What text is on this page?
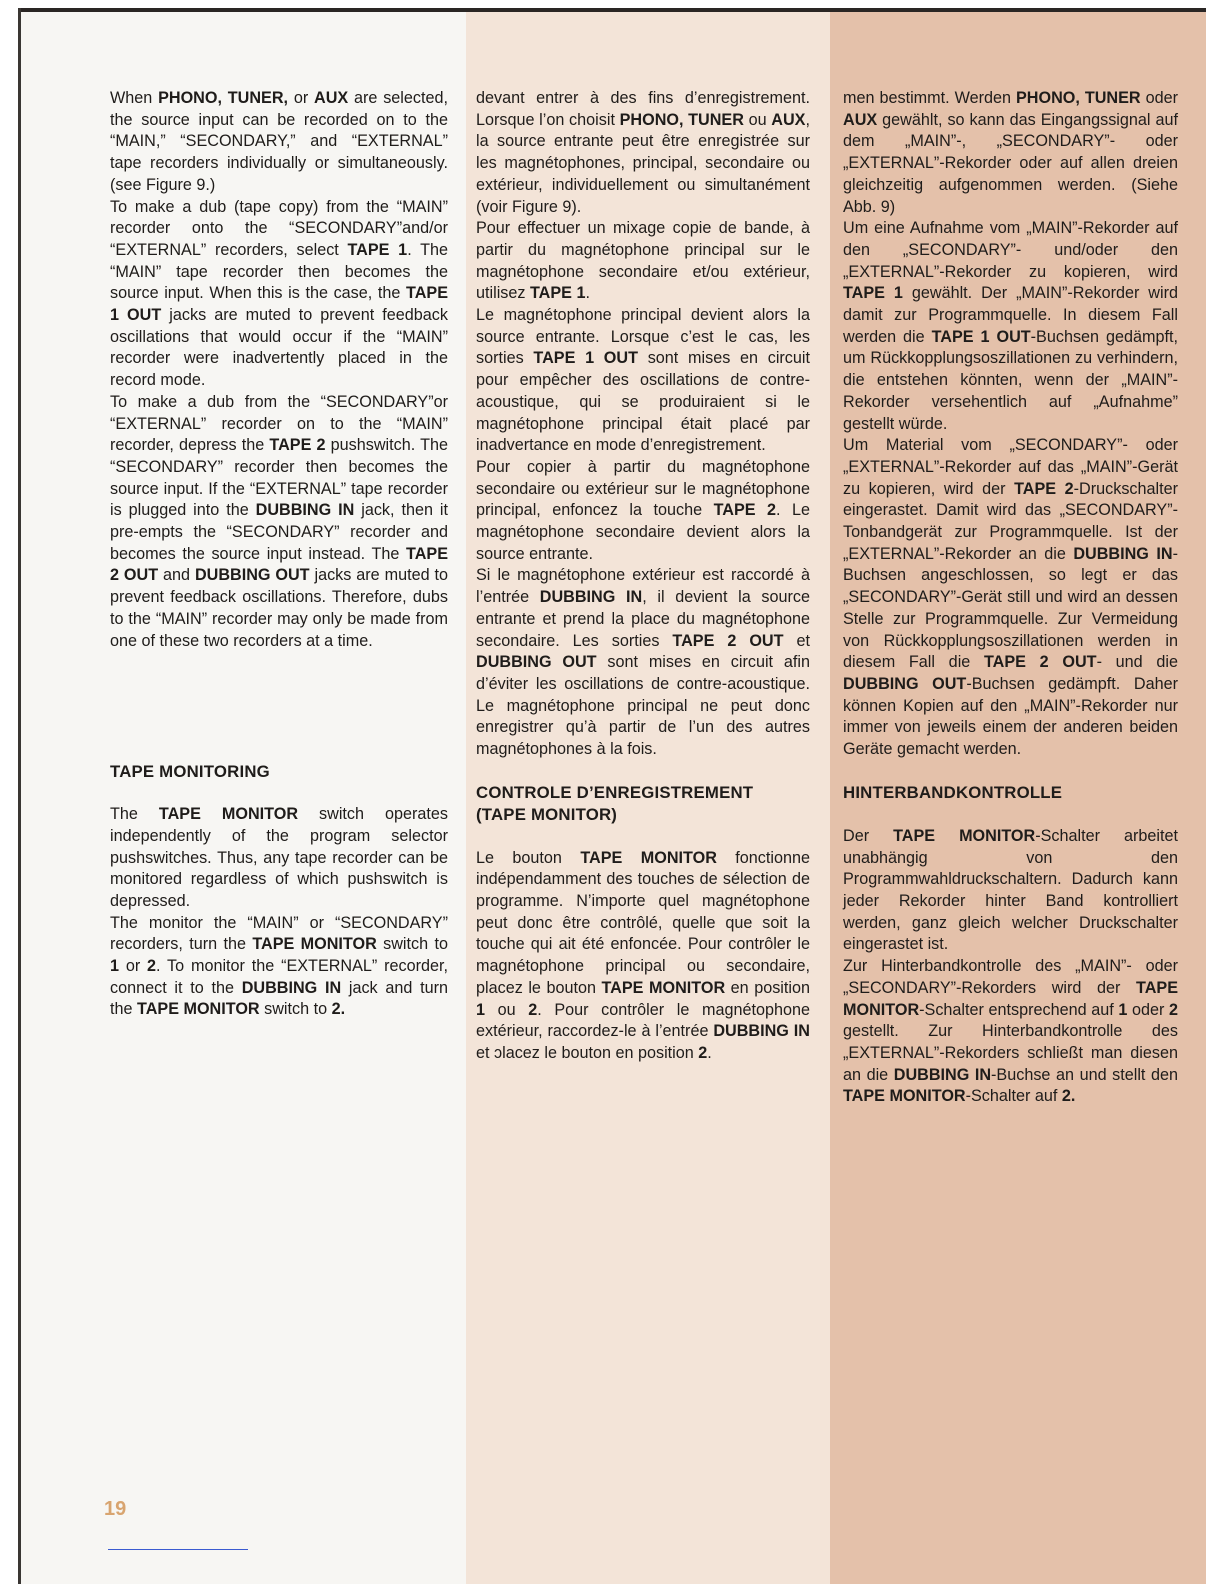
When PHONO, TUNER, or AUX are selected, the source input can be recorded on to the “MAIN,” “SECONDARY,” and “EXTERNAL” tape recorders individually or simultaneously. (see Figure 9.)

To make a dub (tape copy) from the “MAIN” recorder onto the “SECONDARY”and/or “EXTERNAL” recorders, select TAPE 1. The “MAIN” tape recorder then becomes the source input. When this is the case, the TAPE 1 OUT jacks are muted to prevent feedback oscillations that would occur if the “MAIN” recorder were inadvertently placed in the record mode.

To make a dub from the “SECONDARY”or “EXTERNAL” recorder on to the “MAIN” recorder, depress the TAPE 2 pushswitch. The “SECONDARY” recorder then becomes the source input. If the “EXTERNAL” tape recorder is plugged into the DUBBING IN jack, then it pre-empts the “SECONDARY” recorder and becomes the source input instead. The TAPE 2 OUT and DUBBING OUT jacks are muted to prevent feedback oscillations. Therefore, dubs to the “MAIN” recorder may only be made from one of these two recorders at a time.

TAPE MONITORING

The TAPE MONITOR switch operates independently of the program selector pushswitches. Thus, any tape recorder can be monitored regardless of which pushswitch is depressed.

The monitor the “MAIN” or “SECONDARY” recorders, turn the TAPE MONITOR switch to 1 or 2. To monitor the “EXTERNAL” recorder, connect it to the DUBBING IN jack and turn the TAPE MONITOR switch to 2.

devant entrer à des fins d’enregistrement. Lorsque l’on choisit PHONO, TUNER ou AUX, la source entrante peut être enregistrée sur les magnétophones, principal, secondaire ou extérieur, individuellement ou simultanément (voir Figure 9).

Pour effectuer un mixage copie de bande, à partir du magnétophone principal sur le magnétophone secondaire et/ou extérieur, utilisez TAPE 1.

Le magnétophone principal devient alors la source entrante. Lorsque c’est le cas, les sorties TAPE 1 OUT sont mises en circuit pour empêcher des oscillations de contre-acoustique, qui se produiraient si le magnétophone principal était placé par inadvertance en mode d’enregistrement.

Pour copier à partir du magnétophone secondaire ou extérieur sur le magnétophone principal, enfoncez la touche TAPE 2. Le magnétophone secondaire devient alors la source entrante.

Si le magnétophone extérieur est raccordé à l’entrée DUBBING IN, il devient la source entrante et prend la place du magnétophone secondaire. Les sorties TAPE 2 OUT et DUBBING OUT sont mises en circuit afin d’éviter les oscillations de contre-acoustique. Le magnétophone principal ne peut donc enregistrer qu’à partir de l’un des autres magnétophones à la fois.

CONTROLE D’ENREGISTREMENT

(TAPE MONITOR)

Le bouton TAPE MONITOR fonctionne indépendamment des touches de sélection de programme. N’importe quel magnétophone peut donc être contrôlé, quelle que soit la touche qui ait été enfoncée. Pour contrôler le magnétophone principal ou secondaire, placez le bouton TAPE MONITOR en position 1 ou 2. Pour contrôler le magnétophone extérieur, raccordez-le à l’entrée DUBBING IN et ɔlacez le bouton en position 2.

men bestimmt. Werden PHONO, TUNER oder AUX gewählt, so kann das Eingangssignal auf dem „MAIN”-, „SECONDARY”- oder „EXTERNAL”-Rekorder oder auf allen dreien gleichzeitig aufgenommen werden. (Siehe Abb. 9)

Um eine Aufnahme vom „MAIN”-Rekorder auf den „SECONDARY”- und/oder den „EXTERNAL”-Rekorder zu kopieren, wird TAPE 1 gewählt. Der „MAIN”-Rekorder wird damit zur Programmquelle. In diesem Fall werden die TAPE 1 OUT-Buchsen gedämpft, um Rückkopplungsoszillationen zu verhindern, die entstehen könnten, wenn der „MAIN”-Rekorder versehentlich auf „Aufnahme” gestellt würde.

Um Material vom „SECONDARY”- oder „EXTERNAL”-Rekorder auf das „MAIN”-Gerät zu kopieren, wird der TAPE 2-Druckschalter eingerastet. Damit wird das „SECONDARY”-Tonbandgerät zur Programmquelle. Ist der „EXTERNAL”-Rekorder an die DUBBING IN-Buchsen angeschlossen, so legt er das „SECONDARY”-Gerät still und wird an dessen Stelle zur Programmquelle. Zur Vermeidung von Rückkopplungsoszillationen werden in diesem Fall die TAPE 2 OUT- und die DUBBING OUT-Buchsen gedämpft. Daher können Kopien auf den „MAIN”-Rekorder nur immer von jeweils einem der anderen beiden Geräte gemacht werden.

HINTERBANDKONTROLLE

Der TAPE MONITOR-Schalter arbeitet unabhängig von den Programmwahldruckschaltern. Dadurch kann jeder Rekorder hinter Band kontrolliert werden, ganz gleich welcher Druckschalter eingerastet ist.

Zur Hinterbandkontrolle des „MAIN”- oder „SECONDARY”-Rekorders wird der TAPE MONITOR-Schalter entsprechend auf 1 oder 2 gestellt. Zur Hinterbandkontrolle des „EXTERNAL”-Rekorders schließt man diesen an die DUBBING IN-Buchse an und stellt den TAPE MONITOR-Schalter auf 2.

19
